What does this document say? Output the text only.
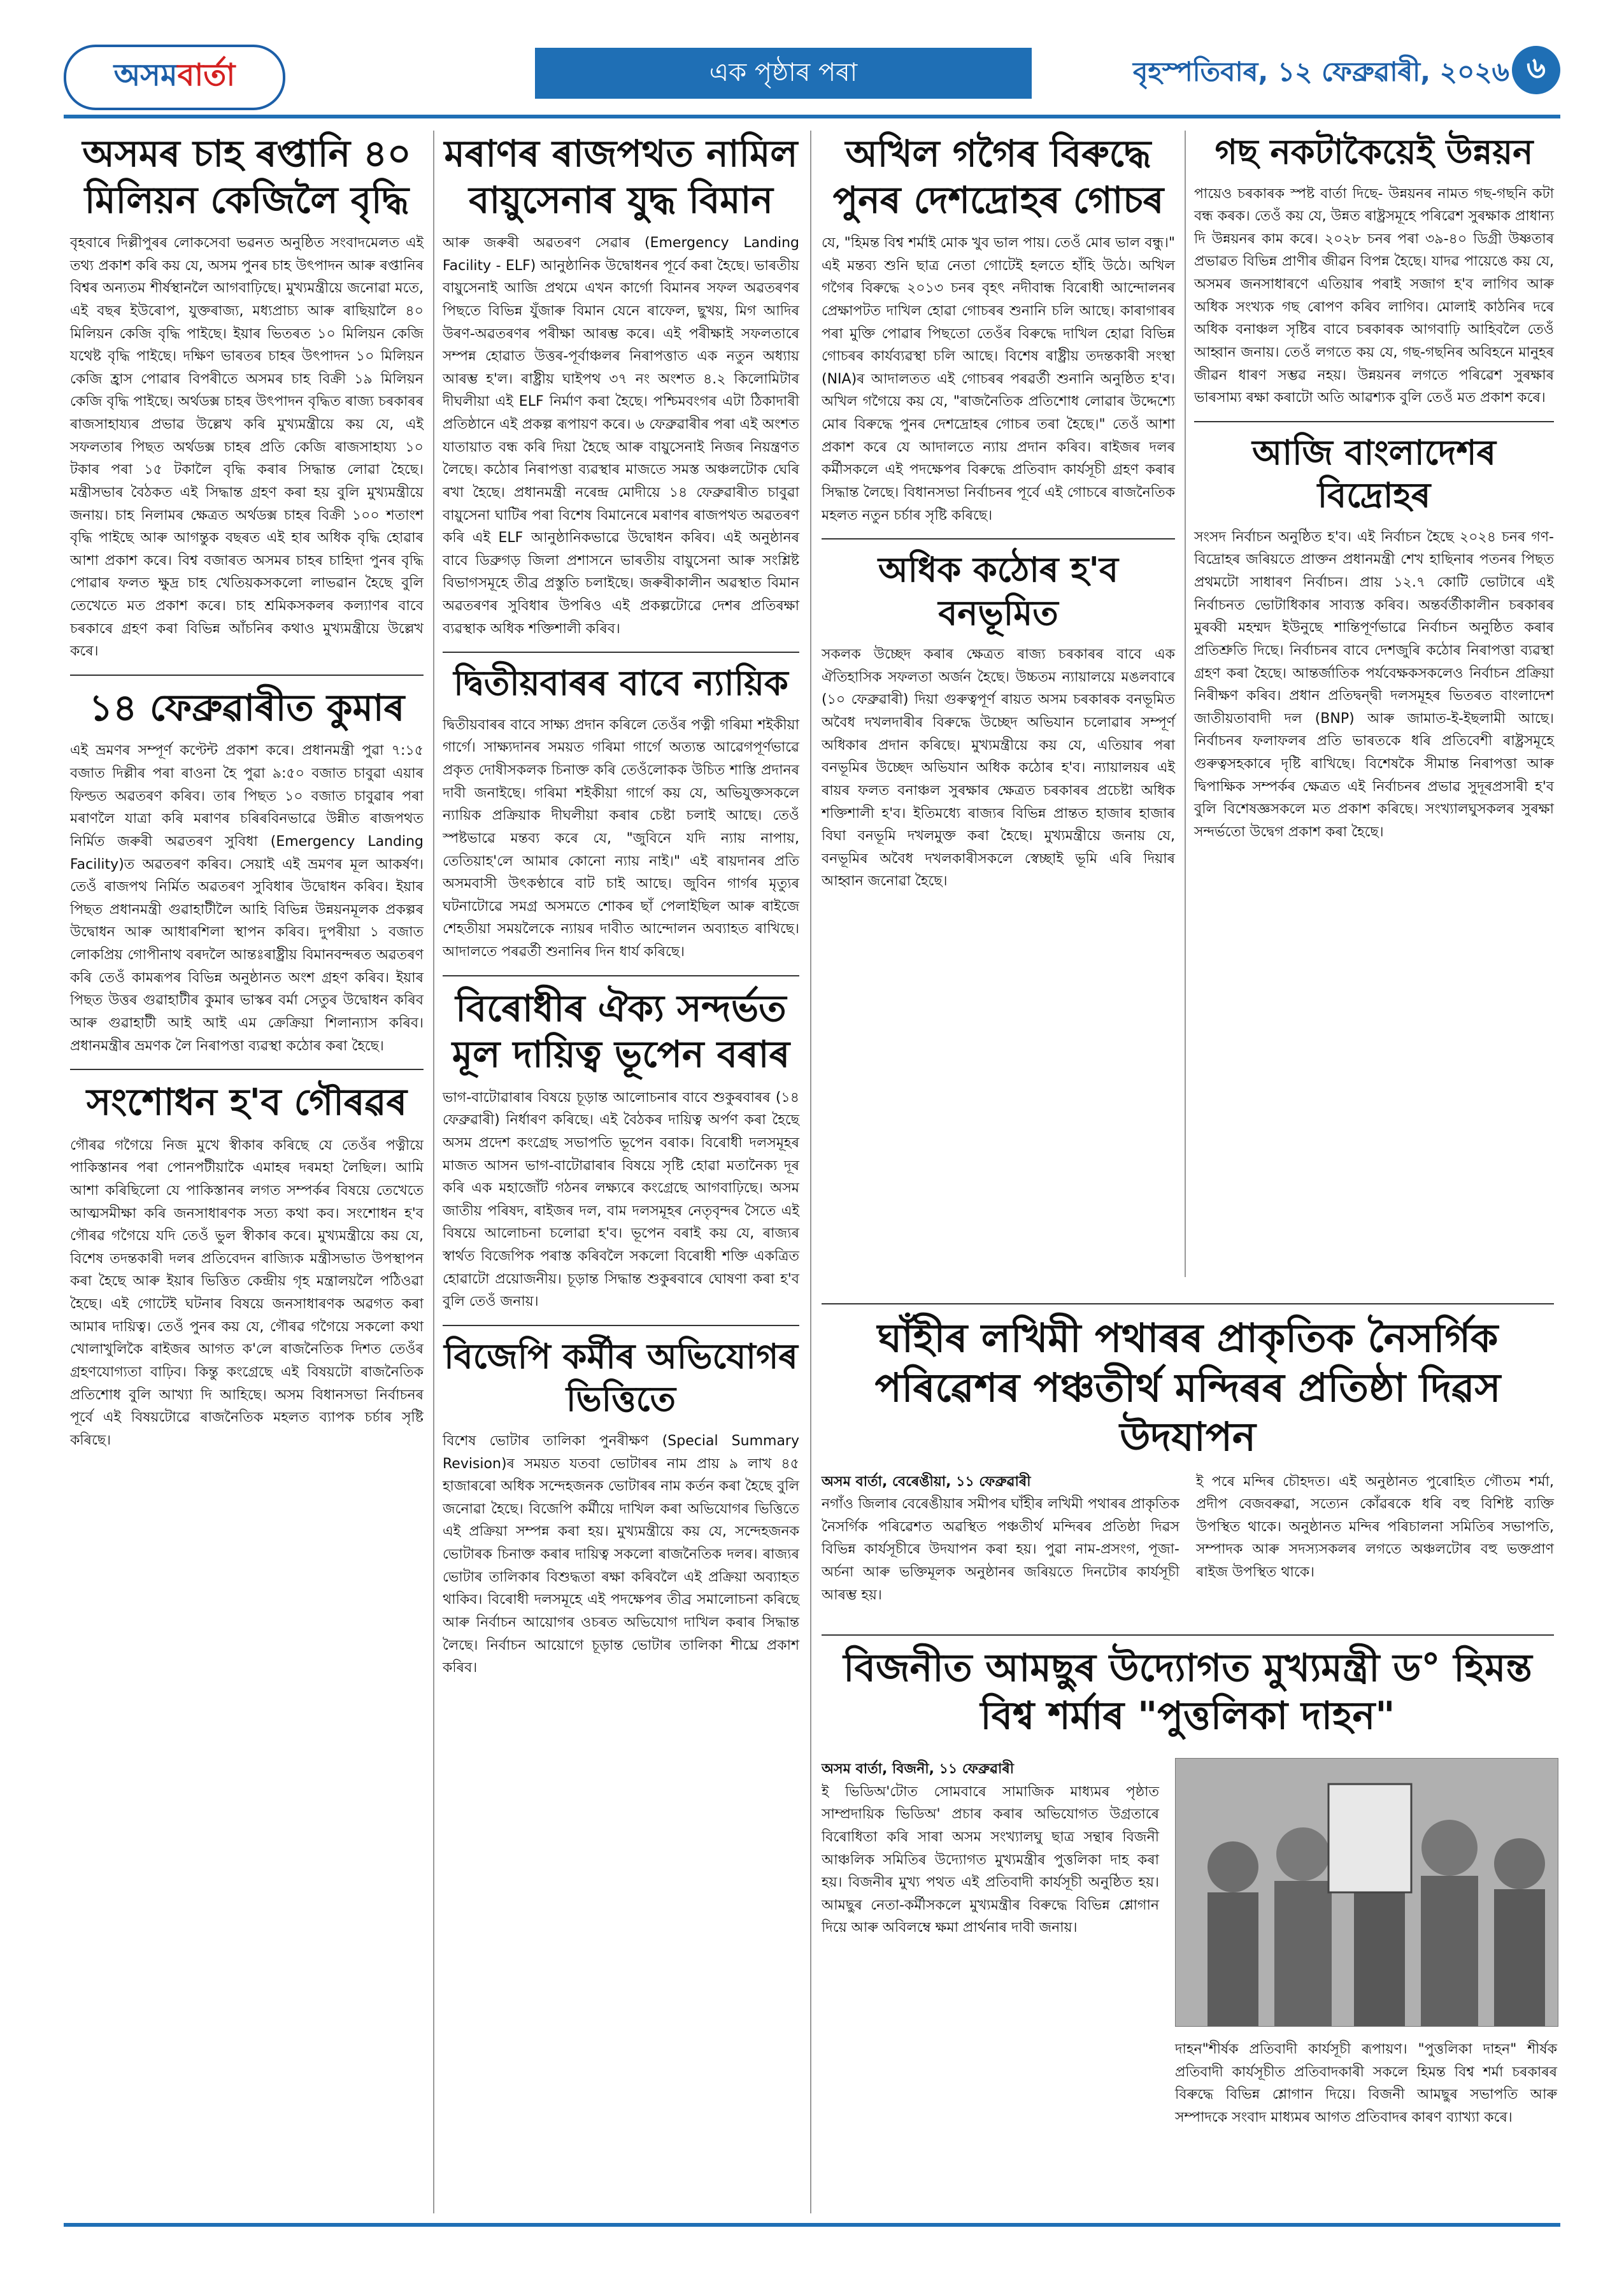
অসম বাৰ্তা	এক পৃষ্ঠাৰ পৰা	বৃহস্পতিবাৰ, ১২ ফেব্ৰুৱাৰী, ২০২৬ ৬
অসমৰ চাহ ৰপ্তানি ৪০ মিলিয়ন কেজিলৈ বৃদ্ধি

বৃহবাৰে দিল্লীপুৰৰ লোকসেবা ভৱনত অনুষ্ঠিত সংবাদমেলত এই তথ্য প্ৰকাশ কৰি কয় যে, অসম পুনৰ চাহ উৎপাদন আৰু ৰপ্তানিৰ বিশ্বৰ অন্যতম শীৰ্ষস্থানলৈ আগবাঢ়িছে। মুখ্যমন্ত্ৰীয়ে জনোৱা মতে, এই বছৰ ইউৰোপ, যুক্তৰাজ্য, মধ্যপ্ৰাচ্য আৰু ৰাছিয়ালৈ ৪০ মিলিয়ন কেজি বৃদ্ধি পাইছে। ইয়াৰ ভিতৰত ১০ মিলিয়ন কেজি যথেষ্ট বৃদ্ধি পাইছে। দক্ষিণ ভাৰতৰ চাহৰ উৎপাদন ১০ মিলিয়ন কেজি হ্ৰাস পোৱাৰ বিপৰীতে অসমৰ চাহ বিক্ৰী ১৯ মিলিয়ন কেজি বৃদ্ধি পাইছে। অৰ্থডক্স চাহৰ উৎপাদন বৃদ্ধিত ৰাজ্য চৰকাৰৰ ৰাজসাহায্যৰ প্ৰভাৱ উল্লেখ কৰি মুখ্যমন্ত্ৰীয়ে কয় যে, এই সফলতাৰ পিছত অৰ্থডক্স চাহৰ প্ৰতি কেজি ৰাজসাহায্য ১০ টকাৰ পৰা ১৫ টকালৈ বৃদ্ধি কৰাৰ সিদ্ধান্ত লোৱা হৈছে। মন্ত্ৰীসভাৰ বৈঠকত এই সিদ্ধান্ত গ্ৰহণ কৰা হয় বুলি মুখ্যমন্ত্ৰীয়ে জনায়। চাহ নিলামৰ ক্ষেত্ৰত অৰ্থডক্স চাহৰ বিক্ৰী ১০০ শতাংশ বৃদ্ধি পাইছে আৰু আগন্তুক বছৰত এই হাৰ অধিক বৃদ্ধি হোৱাৰ আশা প্ৰকাশ কৰে। বিশ্ব বজাৰত অসমৰ চাহৰ চাহিদা পুনৰ বৃদ্ধি পোৱাৰ ফলত ক্ষুদ্ৰ চাহ খেতিয়কসকলো লাভৱান হৈছে বুলি তেখেতে মত প্ৰকাশ কৰে। চাহ শ্ৰমিকসকলৰ কল্যাণৰ বাবে চৰকাৰে গ্ৰহণ কৰা বিভিন্ন আঁচনিৰ কথাও মুখ্যমন্ত্ৰীয়ে উল্লেখ কৰে।

১৪ ফেব্ৰুৱাৰীত কুমাৰ

এই ভ্ৰমণৰ সম্পূৰ্ণ কণ্টেন্ট প্ৰকাশ কৰে। প্ৰধানমন্ত্ৰী পুৱা ৭:১৫ বজাত দিল্লীৰ পৰা ৰাওনা হৈ পুৱা ৯:৫০ বজাত চাবুৱা এয়াৰ ফিল্ডত অৱতৰণ কৰিব। তাৰ পিছত ১০ বজাত চাবুৱাৰ পৰা মৰাণলৈ যাত্ৰা কৰি মৰাণৰ চৰিৰবিনভাৱে উন্নীত ৰাজপথত নিৰ্মিত জৰুৰী অৱতৰণ সুবিধা (Emergency Landing Facility)ত অৱতৰণ কৰিব। সেয়াই এই ভ্ৰমণৰ মূল আকৰ্ষণ। তেওঁ ৰাজপথ নিৰ্মিত অৱতৰণ সুবিধাৰ উদ্বোধন কৰিব। ইয়াৰ পিছত প্ৰধানমন্ত্ৰী গুৱাহাটীলৈ আহি বিভিন্ন উন্নয়নমূলক প্ৰকল্পৰ উদ্বোধন আৰু আধাৰশিলা স্থাপন কৰিব। দুপৰীয়া ১ বজাত লোকপ্ৰিয় গোপীনাথ বৰদলৈ আন্তঃৰাষ্ট্ৰীয় বিমানবন্দৰত অৱতৰণ কৰি তেওঁ কামৰূপৰ বিভিন্ন অনুষ্ঠানত অংশ গ্ৰহণ কৰিব। ইয়াৰ পিছত উত্তৰ গুৱাহাটীৰ কুমাৰ ভাস্কৰ বৰ্মা সেতুৰ উদ্বোধন কৰিব আৰু গুৱাহাটী আই আই এম ক্ৰেক্ৰিয়া শিলান্যাস কৰিব। প্ৰধানমন্ত্ৰীৰ ভ্ৰমণক লৈ নিৰাপত্তা ব্যৱস্থা কঠোৰ কৰা হৈছে।

সংশোধন হ'ব গৌৰৱৰ

গৌৰৱ গগৈয়ে নিজ মুখে স্বীকাৰ কৰিছে যে তেওঁৰ পত্নীয়ে পাকিস্তানৰ পৰা পোনপটীয়াকৈ এমাহৰ দৰমহা লৈছিল। আমি আশা কৰিছিলো যে পাকিস্তানৰ লগত সম্পৰ্কৰ বিষয়ে তেখেতে আত্মসমীক্ষা কৰি জনসাধাৰণক সত্য কথা কব। সংশোধন হ'ব গৌৰৱ গগৈয়ে যদি তেওঁ ভুল স্বীকাৰ কৰে। মুখ্যমন্ত্ৰীয়ে কয় যে, বিশেষ তদন্তকাৰী দলৰ প্ৰতিবেদন ৰাজ্যিক মন্ত্ৰীসভাত উপস্থাপন কৰা হৈছে আৰু ইয়াৰ ভিত্তিত কেন্দ্ৰীয় গৃহ মন্ত্ৰালয়লৈ পঠিওৱা হৈছে। এই গোটেই ঘটনাৰ বিষয়ে জনসাধাৰণক অৱগত কৰা আমাৰ দায়িত্ব। তেওঁ পুনৰ কয় যে, গৌৰৱ গগৈয়ে সকলো কথা খোলাখুলিকৈ ৰাইজৰ আগত ক'লে ৰাজনৈতিক দিশত তেওঁৰ গ্ৰহণযোগ্যতা বাঢ়িব। কিন্তু কংগ্ৰেছে এই বিষয়টো ৰাজনৈতিক প্ৰতিশোধ বুলি আখ্যা দি আহিছে। অসম বিধানসভা নিৰ্বাচনৰ পূৰ্বে এই বিষয়টোৱে ৰাজনৈতিক মহলত ব্যাপক চৰ্চাৰ সৃষ্টি কৰিছে।

মৰাণৰ ৰাজপথত নামিল বায়ুসেনাৰ যুদ্ধ বিমান

আৰু জৰুৰী অৱতৰণ সেৱাৰ (Emergency Landing Facility - ELF) আনুষ্ঠানিক উদ্বোধনৰ পূৰ্বে কৰা হৈছে। ভাৰতীয় বায়ুসেনাই আজি প্ৰথমে এখন কাৰ্গো বিমানৰ সফল অৱতৰণৰ পিছতে বিভিন্ন যুঁজাৰু বিমান যেনে ৰাফেল, ছুখয়, মিগ আদিৰ উৰণ-অৱতৰণৰ পৰীক্ষা আৰম্ভ কৰে। এই পৰীক্ষাই সফলতাৰে সম্পন্ন হোৱাত উত্তৰ-পূৰ্বাঞ্চলৰ নিৰাপত্তাত এক নতুন অধ্যায় আৰম্ভ হ'ল। ৰাষ্ট্ৰীয় ঘাইপথ ৩৭ নং অংশত ৪.২ কিলোমিটাৰ দীঘলীয়া এই ELF নিৰ্মাণ কৰা হৈছে। পশ্চিমবংগৰ এটা ঠিকাদাৰী প্ৰতিষ্ঠানে এই প্ৰকল্প ৰূপায়ণ কৰে। ৬ ফেব্ৰুৱাৰীৰ পৰা এই অংশত যাতায়াত বন্ধ কৰি দিয়া হৈছে আৰু বায়ুসেনাই নিজৰ নিয়ন্ত্ৰণত লৈছে। কঠোৰ নিৰাপত্তা ব্যৱস্থাৰ মাজতে সমস্ত অঞ্চলটোক ঘেৰি ৰখা হৈছে। প্ৰধানমন্ত্ৰী নৰেন্দ্ৰ মোদীয়ে ১৪ ফেব্ৰুৱাৰীত চাবুৱা বায়ুসেনা ঘাটিৰ পৰা বিশেষ বিমানেৰে মৰাণৰ ৰাজপথত অৱতৰণ কৰি এই ELF আনুষ্ঠানিকভাৱে উদ্বোধন কৰিব। এই অনুষ্ঠানৰ বাবে ডিব্ৰুগড় জিলা প্ৰশাসনে ভাৰতীয় বায়ুসেনা আৰু সংশ্লিষ্ট বিভাগসমূহে তীব্ৰ প্ৰস্তুতি চলাইছে। জৰুৰীকালীন অৱস্থাত বিমান অৱতৰণৰ সুবিধাৰ উপৰিও এই প্ৰকল্পটোৱে দেশৰ প্ৰতিৰক্ষা ব্যৱস্থাক অধিক শক্তিশালী কৰিব।

দ্বিতীয়বাৰৰ বাবে ন্যায়িক

দ্বিতীয়বাৰৰ বাবে সাক্ষ্য প্ৰদান কৰিলে তেওঁৰ পত্নী গৰিমা শইকীয়া গাৰ্গে। সাক্ষ্যদানৰ সময়ত গৰিমা গাৰ্গে অত্যন্ত আৱেগপূৰ্ণভাৱে প্ৰকৃত দোষীসকলক চিনাক্ত কৰি তেওঁলোকক উচিত শাস্তি প্ৰদানৰ দাবী জনাইছে। গৰিমা শইকীয়া গাৰ্গে কয় যে, অভিযুক্তসকলে ন্যায়িক প্ৰক্ৰিয়াক দীঘলীয়া কৰাৰ চেষ্টা চলাই আছে। তেওঁ স্পষ্টভাৱে মন্তব্য কৰে যে, "জুবিনে যদি ন্যায় নাপায়, তেতিয়াহ'লে আমাৰ কোনো ন্যায় নাই।" এই ৰায়দানৰ প্ৰতি অসমবাসী উৎকণ্ঠাৰে বাট চাই আছে। জুবিন গাৰ্গৰ মৃত্যুৰ ঘটনাটোৱে সমগ্ৰ অসমতে শোকৰ ছাঁ পেলাইছিল আৰু ৰাইজে শেহতীয়া সময়লৈকে ন্যায়ৰ দাবীত আন্দোলন অব্যাহত ৰাখিছে। আদালতে পৰৱৰ্তী শুনানিৰ দিন ধাৰ্য কৰিছে।

বিৰোধীৰ ঐক্য সন্দৰ্ভত মূল দায়িত্ব ভূপেন বৰাৰ

ভাগ-বাটোৱাৰাৰ বিষয়ে চূড়ান্ত আলোচনাৰ বাবে শুকুৰবাৰৰ (১৪ ফেব্ৰুৱাৰী) নিৰ্ধাৰণ কৰিছে। এই বৈঠকৰ দায়িত্ব অৰ্পণ কৰা হৈছে অসম প্ৰদেশ কংগ্ৰেছ সভাপতি ভূপেন বৰাক। বিৰোধী দলসমূহৰ মাজত আসন ভাগ-বাটোৱাৰাৰ বিষয়ে সৃষ্টি হোৱা মতানৈক্য দূৰ কৰি এক মহাজোঁট গঠনৰ লক্ষ্যৰে কংগ্ৰেছে আগবাঢ়িছে। অসম জাতীয় পৰিষদ, ৰাইজৰ দল, বাম দলসমূহৰ নেতৃবৃন্দৰ সৈতে এই বিষয়ে আলোচনা চলোৱা হ'ব। ভূপেন বৰাই কয় যে, ৰাজ্যৰ স্বাৰ্থত বিজেপিক পৰাস্ত কৰিবলৈ সকলো বিৰোধী শক্তি একত্ৰিত হোৱাটো প্ৰয়োজনীয়। চূড়ান্ত সিদ্ধান্ত শুকুৰবাৰে ঘোষণা কৰা হ'ব বুলি তেওঁ জনায়।

বিজেপি কৰ্মীৰ অভিযোগৰ ভিত্তিতে

বিশেষ ভোটাৰ তালিকা পুনৰীক্ষণ (Special Summary Revision)ৰ সময়ত যতবা ভোটাৰৰ নাম প্ৰায় ৯ লাখ ৪৫ হাজাৰৰো অধিক সন্দেহজনক ভোটাৰৰ নাম কৰ্তন কৰা হৈছে বুলি জনোৱা হৈছে। বিজেপি কৰ্মীয়ে দাখিল কৰা অভিযোগৰ ভিত্তিতে এই প্ৰক্ৰিয়া সম্পন্ন কৰা হয়। মুখ্যমন্ত্ৰীয়ে কয় যে, সন্দেহজনক ভোটাৰক চিনাক্ত কৰাৰ দায়িত্ব সকলো ৰাজনৈতিক দলৰ। ৰাজ্যৰ ভোটাৰ তালিকাৰ বিশুদ্ধতা ৰক্ষা কৰিবলৈ এই প্ৰক্ৰিয়া অব্যাহত থাকিব। বিৰোধী দলসমূহে এই পদক্ষেপৰ তীব্ৰ সমালোচনা কৰিছে আৰু নিৰ্বাচন আয়োগৰ ওচৰত অভিযোগ দাখিল কৰাৰ সিদ্ধান্ত লৈছে। নিৰ্বাচন আয়োগে চূড়ান্ত ভোটাৰ তালিকা শীঘ্ৰে প্ৰকাশ কৰিব।

অখিল গগৈৰ বিৰুদ্ধে পুনৰ দেশদ্ৰোহৰ গোচৰ

যে, "হিমন্ত বিশ্ব শৰ্মাই মোক খুব ভাল পায়। তেওঁ মোৰ ভাল বন্ধু।" এই মন্তব্য শুনি ছাত্ৰ নেতা গোটেই হলতে হাঁহি উঠে। অখিল গগৈৰ বিৰুদ্ধে ২০১৩ চনৰ বৃহৎ নদীবান্ধ বিৰোধী আন্দোলনৰ প্ৰেক্ষাপটত দাখিল হোৱা গোচৰৰ শুনানি চলি আছে। কাৰাগাৰৰ পৰা মুক্তি পোৱাৰ পিছতো তেওঁৰ বিৰুদ্ধে দাখিল হোৱা বিভিন্ন গোচৰৰ কাৰ্যব্যৱস্থা চলি আছে। বিশেষ ৰাষ্ট্ৰীয় তদন্তকাৰী সংস্থা (NIA)ৰ আদালতত এই গোচৰৰ পৰৱৰ্তী শুনানি অনুষ্ঠিত হ'ব। অখিল গগৈয়ে কয় যে, "ৰাজনৈতিক প্ৰতিশোধ লোৱাৰ উদ্দেশ্যে মোৰ বিৰুদ্ধে পুনৰ দেশদ্ৰোহৰ গোচৰ তৰা হৈছে।" তেওঁ আশা প্ৰকাশ কৰে যে আদালতে ন্যায় প্ৰদান কৰিব। ৰাইজৰ দলৰ কৰ্মীসকলে এই পদক্ষেপৰ বিৰুদ্ধে প্ৰতিবাদ কাৰ্যসূচী গ্ৰহণ কৰাৰ সিদ্ধান্ত লৈছে। বিধানসভা নিৰ্বাচনৰ পূৰ্বে এই গোচৰে ৰাজনৈতিক মহলত নতুন চৰ্চাৰ সৃষ্টি কৰিছে।

অধিক কঠোৰ হ'ব বনভূমিত

সকলক উচ্ছেদ কৰাৰ ক্ষেত্ৰত ৰাজ্য চৰকাৰৰ বাবে এক ঐতিহাসিক সফলতা অৰ্জন হৈছে। উচ্চতম ন্যায়ালয়ে মঙলবাৰে (১০ ফেব্ৰুৱাৰী) দিয়া গুৰুত্বপূৰ্ণ ৰায়ত অসম চৰকাৰক বনভূমিত অবৈধ দখলদাৰীৰ বিৰুদ্ধে উচ্ছেদ অভিযান চলোৱাৰ সম্পূৰ্ণ অধিকাৰ প্ৰদান কৰিছে। মুখ্যমন্ত্ৰীয়ে কয় যে, এতিয়াৰ পৰা বনভূমিৰ উচ্ছেদ অভিযান অধিক কঠোৰ হ'ব। ন্যায়ালয়ৰ এই ৰায়ৰ ফলত বনাঞ্চল সুৰক্ষাৰ ক্ষেত্ৰত চৰকাৰৰ প্ৰচেষ্টা অধিক শক্তিশালী হ'ব। ইতিমধ্যে ৰাজ্যৰ বিভিন্ন প্ৰান্তত হাজাৰ হাজাৰ বিঘা বনভূমি দখলমুক্ত কৰা হৈছে। মুখ্যমন্ত্ৰীয়ে জনায় যে, বনভূমিৰ অবৈধ দখলকাৰীসকলে স্বেচ্ছাই ভূমি এৰি দিয়াৰ আহ্বান জনোৱা হৈছে।

গছ নকটাকৈয়েই উন্নয়ন

পায়েও চৰকাৰক স্পষ্ট বাৰ্তা দিছে- উন্নয়নৰ নামত গছ-গছনি কটা বন্ধ কৰক। তেওঁ কয় যে, উন্নত ৰাষ্ট্ৰসমূহে পৰিৱেশ সুৰক্ষাক প্ৰাধান্য দি উন্নয়নৰ কাম কৰে। ২০২৮ চনৰ পৰা ৩৯-৪০ ডিগ্ৰী উষ্ণতাৰ প্ৰভাৱত বিভিন্ন প্ৰাণীৰ জীৱন বিপন্ন হৈছে। যাদৱ পায়েঙে কয় যে, অসমৰ জনসাধাৰণে এতিয়াৰ পৰাই সজাগ হ'ব লাগিব আৰু অধিক সংখ্যক গছ ৰোপণ কৰিব লাগিব। মোলাই কাঠনিৰ দৰে অধিক বনাঞ্চল সৃষ্টিৰ বাবে চৰকাৰক আগবাঢ়ি আহিবলৈ তেওঁ আহ্বান জনায়। তেওঁ লগতে কয় যে, গছ-গছনিৰ অবিহনে মানুহৰ জীৱন ধাৰণ সম্ভৱ নহয়। উন্নয়নৰ লগতে পৰিৱেশ সুৰক্ষাৰ ভাৰসাম্য ৰক্ষা কৰাটো অতি আৱশ্যক বুলি তেওঁ মত প্ৰকাশ কৰে।

আজি বাংলাদেশৰ বিদ্ৰোহৰ

সংসদ নিৰ্বাচন অনুষ্ঠিত হ'ব। এই নিৰ্বাচন হৈছে ২০২৪ চনৰ গণ-বিদ্ৰোহৰ জৰিয়তে প্ৰাক্তন প্ৰধানমন্ত্ৰী শেখ হাছিনাৰ পতনৰ পিছত প্ৰথমটো সাধাৰণ নিৰ্বাচন। প্ৰায় ১২.৭ কোটি ভোটাৰে এই নিৰ্বাচনত ভোটাধিকাৰ সাব্যস্ত কৰিব। অন্তৰ্বৰ্তীকালীন চৰকাৰৰ মুৰব্বী মহম্মদ ইউনুছে শান্তিপূৰ্ণভাৱে নিৰ্বাচন অনুষ্ঠিত কৰাৰ প্ৰতিশ্ৰুতি দিছে। নিৰ্বাচনৰ বাবে দেশজুৰি কঠোৰ নিৰাপত্তা ব্যৱস্থা গ্ৰহণ কৰা হৈছে। আন্তৰ্জাতিক পৰ্যবেক্ষকসকলেও নিৰ্বাচন প্ৰক্ৰিয়া নিৰীক্ষণ কৰিব। প্ৰধান প্ৰতিদ্বন্দ্বী দলসমূহৰ ভিতৰত বাংলাদেশ জাতীয়তাবাদী দল (BNP) আৰু জামাত-ই-ইছলামী আছে। নিৰ্বাচনৰ ফলাফলৰ প্ৰতি ভাৰতকে ধৰি প্ৰতিবেশী ৰাষ্ট্ৰসমূহে গুৰুত্বসহকাৰে দৃষ্টি ৰাখিছে। বিশেষকৈ সীমান্ত নিৰাপত্তা আৰু দ্বিপাক্ষিক সম্পৰ্কৰ ক্ষেত্ৰত এই নিৰ্বাচনৰ প্ৰভাৱ সুদূৰপ্ৰসাৰী হ'ব বুলি বিশেষজ্ঞসকলে মত প্ৰকাশ কৰিছে। সংখ্যালঘুসকলৰ সুৰক্ষা সন্দৰ্ভতো উদ্বেগ প্ৰকাশ কৰা হৈছে।

ঘাঁহীৰ লখিমী পথাৰৰ প্ৰাকৃতিক নৈসৰ্গিক পৰিৱেশৰ পঞ্চতীৰ্থ মন্দিৰৰ প্ৰতিষ্ঠা দিৱস উদযাপন

অসম বাৰ্তা, বেৰেঙীয়া, ১১ ফেব্ৰুৱাৰী

নগাঁও জিলাৰ বেৰেঙীয়াৰ সমীপৰ ঘাঁহীৰ লখিমী পথাৰৰ প্ৰাকৃতিক নৈসৰ্গিক পৰিৱেশত অৱস্থিত পঞ্চতীৰ্থ মন্দিৰৰ প্ৰতিষ্ঠা দিৱস বিভিন্ন কাৰ্যসূচীৰে উদযাপন কৰা হয়। পুৱা নাম-প্ৰসংগ, পূজা-অৰ্চনা আৰু ভক্তিমূলক অনুষ্ঠানৰ জৰিয়তে দিনটোৰ কাৰ্যসূচী আৰম্ভ হয়।

ই পৰে মন্দিৰ চৌহদত। এই অনুষ্ঠানত পুৰোহিত গৌতম শৰ্মা, প্ৰদীপ বেজবৰুৱা, সত্যেন কোঁৱৰকে ধৰি বহু বিশিষ্ট ব্যক্তি উপস্থিত থাকে। অনুষ্ঠানত মন্দিৰ পৰিচালনা সমিতিৰ সভাপতি, সম্পাদক আৰু সদস্যসকলৰ লগতে অঞ্চলটোৰ বহু ভক্তপ্ৰাণ ৰাইজ উপস্থিত থাকে।

বিজনীত আমছুৰ উদ্যোগত মুখ্যমন্ত্ৰী ড° হিমন্ত বিশ্ব শৰ্মাৰ "পুত্তলিকা দাহন"

অসম বাৰ্তা, বিজনী, ১১ ফেব্ৰুৱাৰী

ই ভিডিঅ'টোত সোমবাৰে সামাজিক মাধ্যমৰ পৃষ্ঠাত সাম্প্ৰদায়িক ভিডিঅ' প্ৰচাৰ কৰাৰ অভিযোগত উগ্ৰতাৰে বিৰোধিতা কৰি সাৰা অসম সংখ্যালঘু ছাত্ৰ সন্থাৰ বিজনী আঞ্চলিক সমিতিৰ উদ্যোগত মুখ্যমন্ত্ৰীৰ পুত্তলিকা দাহ কৰা হয়। বিজনীৰ মুখ্য পথত এই প্ৰতিবাদী কাৰ্যসূচী অনুষ্ঠিত হয়। আমছুৰ নেতা-কৰ্মীসকলে মুখ্যমন্ত্ৰীৰ বিৰুদ্ধে বিভিন্ন শ্লোগান দিয়ে আৰু অবিলম্বে ক্ষমা প্ৰাৰ্থনাৰ দাবী জনায়।

দাহন"শীৰ্ষক প্ৰতিবাদী কাৰ্যসূচী ৰূপায়ণ। "পুত্তলিকা দাহন" শীৰ্ষক প্ৰতিবাদী কাৰ্যসূচীত প্ৰতিবাদকাৰী সকলে হিমন্ত বিশ্ব শৰ্মা চৰকাৰৰ বিৰুদ্ধে বিভিন্ন শ্লোগান দিয়ে। বিজনী আমছুৰ সভাপতি আৰু সম্পাদকে সংবাদ মাধ্যমৰ আগত প্ৰতিবাদৰ কাৰণ ব্যাখ্যা কৰে।
